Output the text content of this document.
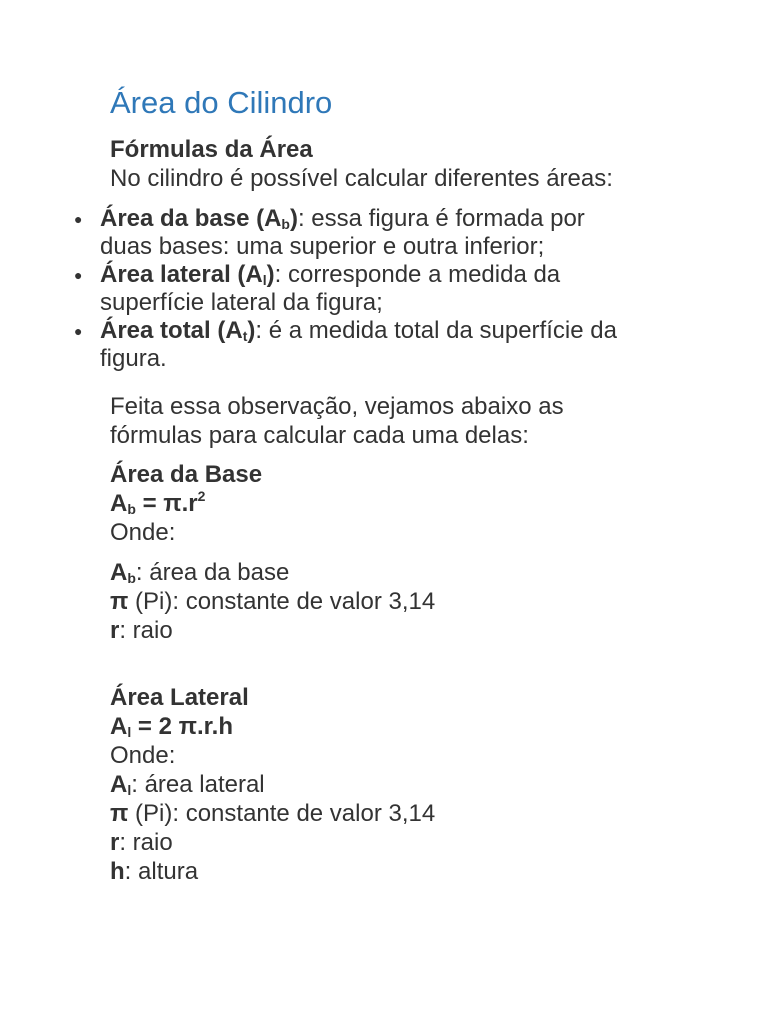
Área do Cilindro
Fórmulas da Área
No cilindro é possível calcular diferentes áreas:
● Área da base $(A_b)$: essa figura é formada por
duas bases: uma superior e outra inferior;
● Área lateral $(A_l)$: corresponde a medida da
superfície lateral da figura;
● Área total $(A_t)$: é a medida total da superfície da
figura.
Feita essa observação, vejamos abaixo as
fórmulas para calcular cada uma delas:
Área da Base
$A_b = \pi.r^2$
Onde:
$A_b$: área da base
π (Pi): constante de valor 3,14
r: raio
Área Lateral
$A_l = 2$ π.r.h
Onde:
$A_l$: área lateral
π (Pi): constante de valor 3,14
r: raio
h: altura
